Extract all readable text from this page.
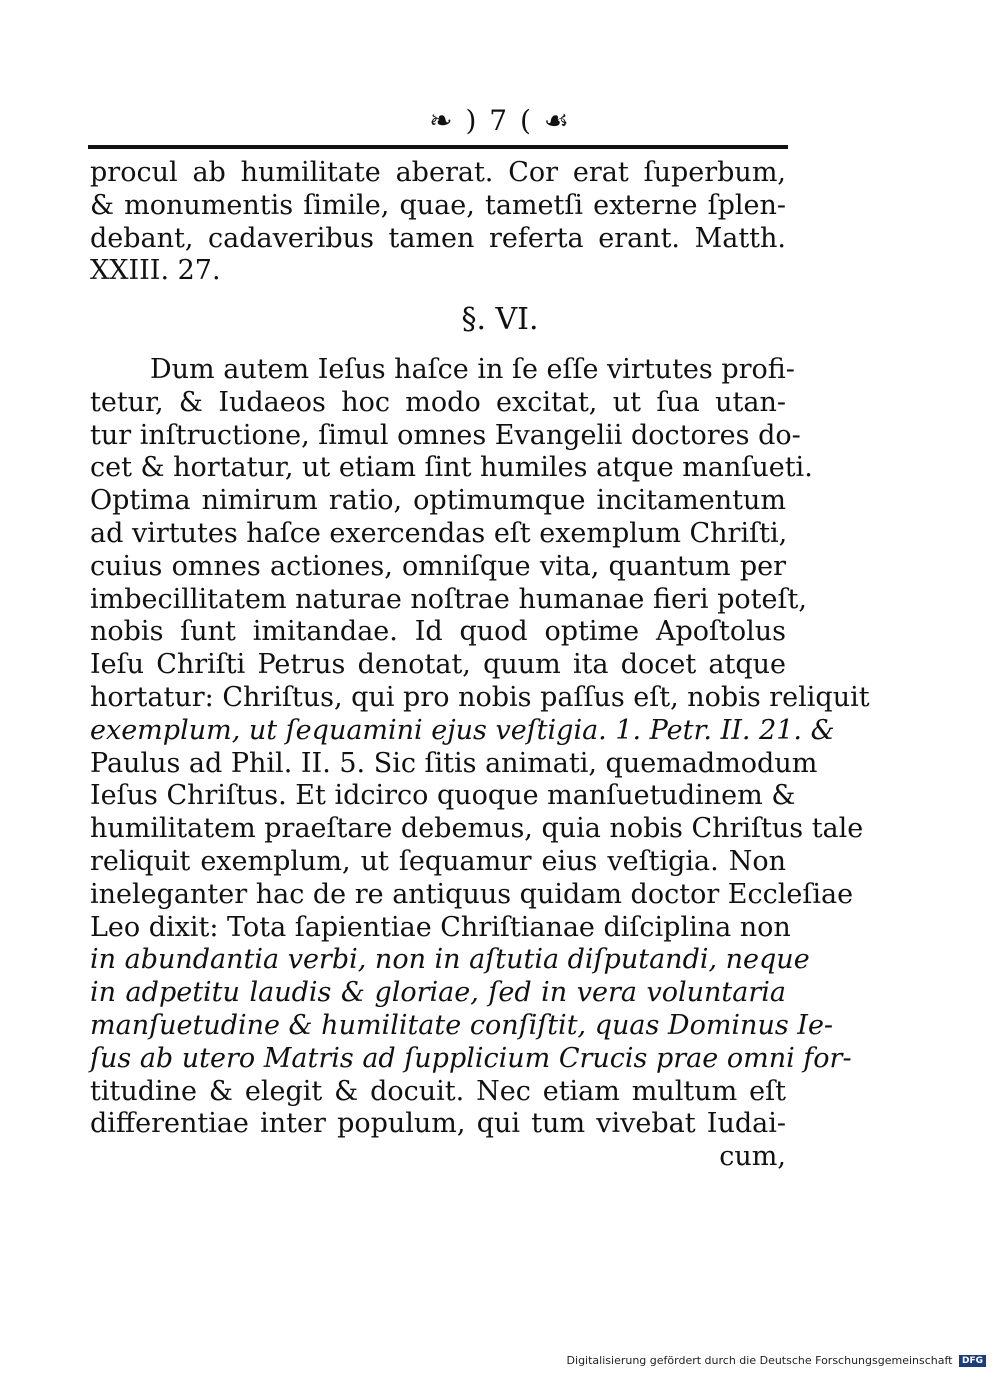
❧ ) 7 ( ☙
procul ab humilitate aberat. Cor erat ſuperbum,
& monumentis ſimile, quae, tametſi externe ſplen-
debant, cadaveribus tamen referta erant. Matth.
XXIII. 27.
§. VI.
Dum autem Ieſus haſce in ſe eſſe virtutes profi-
tetur, & Iudaeos hoc modo excitat, ut ſua utan-
tur inſtructione, ſimul omnes Evangelii doctores do-
cet & hortatur, ut etiam ſint humiles atque manſueti.
Optima nimirum ratio, optimumque incitamentum
ad virtutes haſce exercendas eſt exemplum Chriſti,
cuius omnes actiones, omniſque vita, quantum per
imbecillitatem naturae noſtrae humanae fieri poteſt,
nobis ſunt imitandae. Id quod optime Apoſtolus
Ieſu Chriſti Petrus denotat, quum ita docet atque
hortatur: Chriſtus, qui pro nobis paſſus eſt, nobis reliquit
exemplum, ut ſequamini ejus veſtigia. 1. Petr. II. 21. &
Paulus ad Phil. II. 5. Sic ſitis animati, quemadmodum
Ieſus Chriſtus. Et idcirco quoque manſuetudinem &
humilitatem praeſtare debemus, quia nobis Chriſtus tale
reliquit exemplum, ut ſequamur eius veſtigia. Non
ineleganter hac de re antiquus quidam doctor Eccleſiae
Leo dixit: Tota ſapientiae Chriſtianae diſciplina non
in abundantia verbi, non in aſtutia diſputandi, neque
in adpetitu laudis & gloriae, ſed in vera voluntaria
manſuetudine & humilitate conſiſtit, quas Dominus Ie-
ſus ab utero Matris ad ſupplicium Crucis prae omni for-
titudine & elegit & docuit. Nec etiam multum eſt
differentiae inter populum, qui tum vivebat Iudai-
cum,
Digitalisierung gefördert durch die Deutsche Forschungsgemeinschaft DFG
